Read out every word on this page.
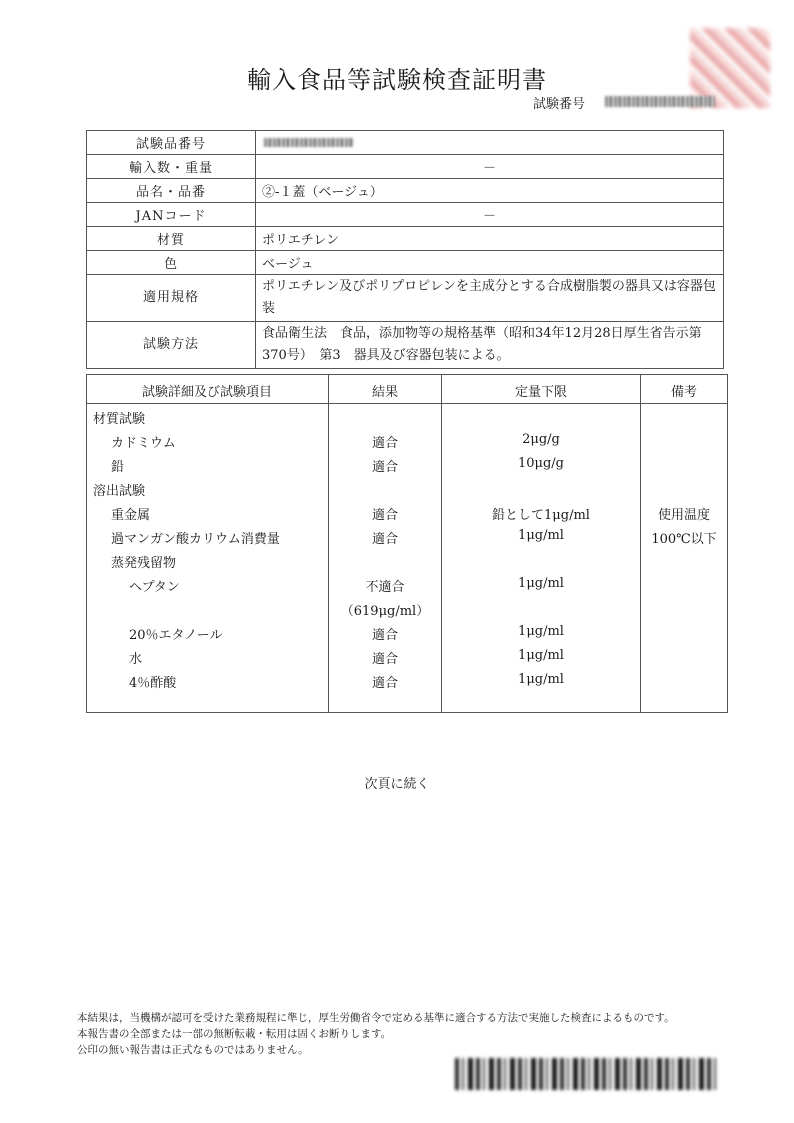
輸入食品等試験検査証明書
試験番号
試験品番号	

輸入数・重量	－
品名・品番	②-１蓋（ベージュ）
JANコード	－
材質	ポリエチレン
色	ベージュ
適用規格	ポリエチレン及びポリプロピレンを主成分とする合成樹脂製の器具又は容器包装
試験方法	食品衛生法　食品，添加物等の規格基準（昭和34年12月28日厚生省告示第370号）　第3　器具及び容器包装による。
試験詳細及び試験項目	結果	定量下限	備考
材質試験
カドミウム	適合	2μg/g
鉛	適合	10μg/g
溶出試験
重金属	適合	鉛として1μg/ml	使用温度
過マンガン酸カリウム消費量	適合	1μg/ml	100℃以下
蒸発残留物
ヘプタン	不適合	1μg/ml
（619μg/ml）
20％エタノール	適合	1μg/ml
水	適合	1μg/ml
4％酢酸	適合	1μg/ml
次頁に続く
本結果は，当機構が認可を受けた業務規程に準じ，厚生労働省令で定める基準に適合する方法で実施した検査によるものです。
本報告書の全部または一部の無断転載・転用は固くお断りします。
公印の無い報告書は正式なものではありません。
